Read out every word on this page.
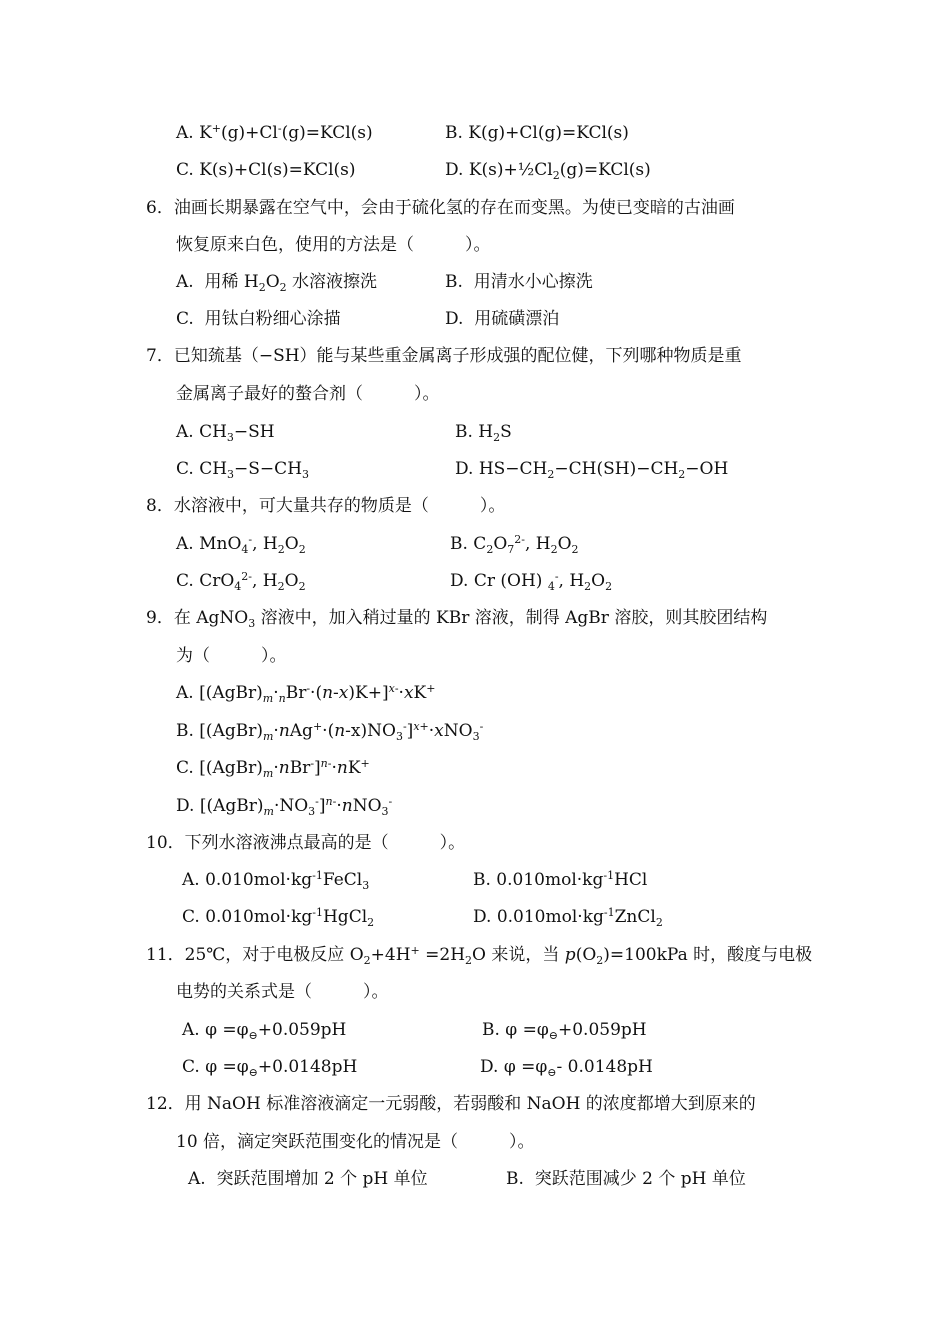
A. K+(g)+Cl-(g)=KCl(s)	B. K(g)+Cl(g)=KCl(s)
C. K(s)+Cl(s)=KCl(s)	D. $K(s)+\frac{1}{2}Cl_2(g)=KCl(s)$
6．油画长期暴露在空气中，会由于硫化氢的存在而变黑。为使已变暗的古油画
恢复原来白色，使用的方法是（　　　）。
A.  用稀 $H_2O_2$ 水溶液擦洗	B.  用清水小心擦洗
C.  用钛白粉细心涂描	D.  用硫磺漂泊
7．已知巯基（−SH）能与某些重金属离子形成强的配位健，下列哪种物质是重
金属离子最好的螯合剂（　　　）。
A. $CH_3-SH$	B. $H_2S$
C. $CH_3-S-CH_3$	D. $HS-CH_2-CH(SH)-CH_2-OH$
8．水溶液中，可大量共存的物质是（　　　）。
A. MnO$_4$-, $H_2O_2$	B. $C_2O_7^{2-}$, $H_2O_2$
C. CrO$_4^{2-}$, $H_2O_2$	D. Cr (OH) $_4$-, $H_2O_2$
9．在 AgNO$_3$ 溶液中，加入稍过量的 KBr 溶液，制得 AgBr 溶胶，则其胶团结构
为（　　　）。
A. $[(AgBr)_m\cdot_nBr^-\cdot(n-x)K+]^{x-}\cdot xK^+$
B. $[(AgBr)_m\cdot nAg^+\cdot(n-x)NO_3^-]^{x+}\cdot xNO_3^-$
C. $[(AgBr)_m\cdot nBr^-]^{n-}\cdot nK^+$
D. $[(AgBr)_m\cdot NO_3^-]^{n-}\cdot nNO_3^-$
10．下列水溶液沸点最高的是（　　　）。
A. $0.010mol\cdot kg^{-1}FeCl_3$	B. $0.010mol\cdot kg^{-1}HCl$
C. $0.010mol\cdot kg^{-1}HgCl_2$	D. $0.010mol\cdot kg^{-1}ZnCl_2$
11．25℃，对于电极反应 $O_2+4H^+ =2H_2O$ 来说，当 $p(O_2)=100kPa$ 时，酸度与电极
电势的关系式是（　　　）。
A. $\varphi =\varphi_⊖+0.059pH$	B. $\varphi =\varphi_⊖+0.059pH$
C. $\varphi =\varphi_⊖+0.0148pH$	D. $\varphi =\varphi_⊖-$ 0.0148pH
12．用 NaOH 标准溶液滴定一元弱酸，若弱酸和 NaOH 的浓度都增大到原来的
10 倍，滴定突跃范围变化的情况是（　　　）。
A.  突跃范围增加 2 个 pH 单位	B.  突跃范围减少 2 个 pH 单位
